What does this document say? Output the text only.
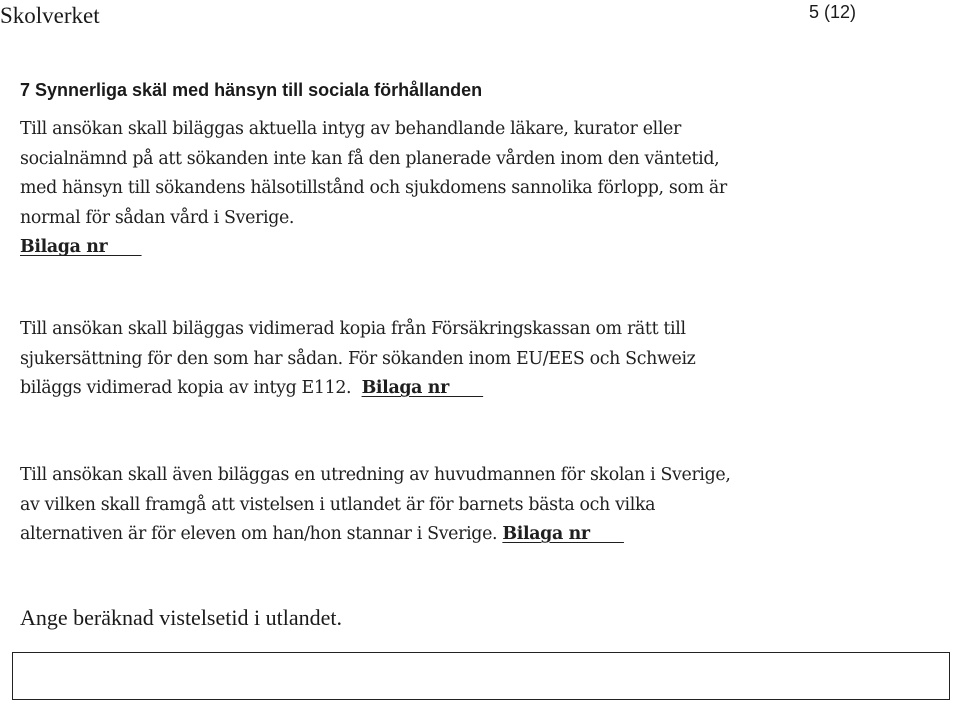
Skolverket	5 (12)
7 Synnerliga skäl med hänsyn till sociala förhållanden
Till ansökan skall biläggas aktuella intyg av behandlande läkare, kurator eller
socialnämnd på att sökanden inte kan få den planerade vården inom den väntetid,
med hänsyn till sökandens hälsotillstånd och sjukdomens sannolika förlopp, som är
normal för sådan vård i Sverige.
Bilaga nr
Till ansökan skall biläggas vidimerad kopia från Försäkringskassan om rätt till
sjukersättning för den som har sådan. För sökanden inom EU/EES och Schweiz
biläggs vidimerad kopia av intyg E112. Bilaga nr
Till ansökan skall även biläggas en utredning av huvudmannen för skolan i Sverige,
av vilken skall framgå att vistelsen i utlandet är för barnets bästa och vilka
alternativen är för eleven om han/hon stannar i Sverige. Bilaga nr
Ange beräknad vistelsetid i utlandet.
